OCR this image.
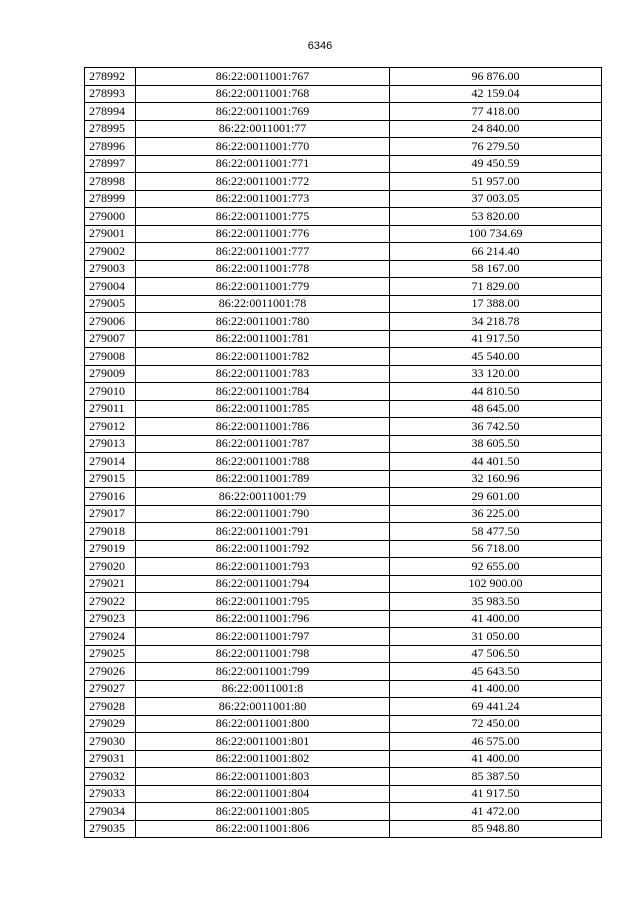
6346
278992	86:22:0011001:767	96 876.00
278993	86:22:0011001:768	42 159.04
278994	86:22:0011001:769	77 418.00
278995	86:22:0011001:77	24 840.00
278996	86:22:0011001:770	76 279.50
278997	86:22:0011001:771	49 450.59
278998	86:22:0011001:772	51 957.00
278999	86:22:0011001:773	37 003.05
279000	86:22:0011001:775	53 820.00
279001	86:22:0011001:776	100 734.69
279002	86:22:0011001:777	66 214.40
279003	86:22:0011001:778	58 167.00
279004	86:22:0011001:779	71 829.00
279005	86:22:0011001:78	17 388.00
279006	86:22:0011001:780	34 218.78
279007	86:22:0011001:781	41 917.50
279008	86:22:0011001:782	45 540.00
279009	86:22:0011001:783	33 120.00
279010	86:22:0011001:784	44 810.50
279011	86:22:0011001:785	48 645.00
279012	86:22:0011001:786	36 742.50
279013	86:22:0011001:787	38 605.50
279014	86:22:0011001:788	44 401.50
279015	86:22:0011001:789	32 160.96
279016	86:22:0011001:79	29 601.00
279017	86:22:0011001:790	36 225.00
279018	86:22:0011001:791	58 477.50
279019	86:22:0011001:792	56 718.00
279020	86:22:0011001:793	92 655.00
279021	86:22:0011001:794	102 900.00
279022	86:22:0011001:795	35 983.50
279023	86:22:0011001:796	41 400.00
279024	86:22:0011001:797	31 050.00
279025	86:22:0011001:798	47 506.50
279026	86:22:0011001:799	45 643.50
279027	86:22:0011001:8	41 400.00
279028	86:22:0011001:80	69 441.24
279029	86:22:0011001:800	72 450.00
279030	86:22:0011001:801	46 575.00
279031	86:22:0011001:802	41 400.00
279032	86:22:0011001:803	85 387.50
279033	86:22:0011001:804	41 917.50
279034	86:22:0011001:805	41 472.00
279035	86:22:0011001:806	85 948.80
